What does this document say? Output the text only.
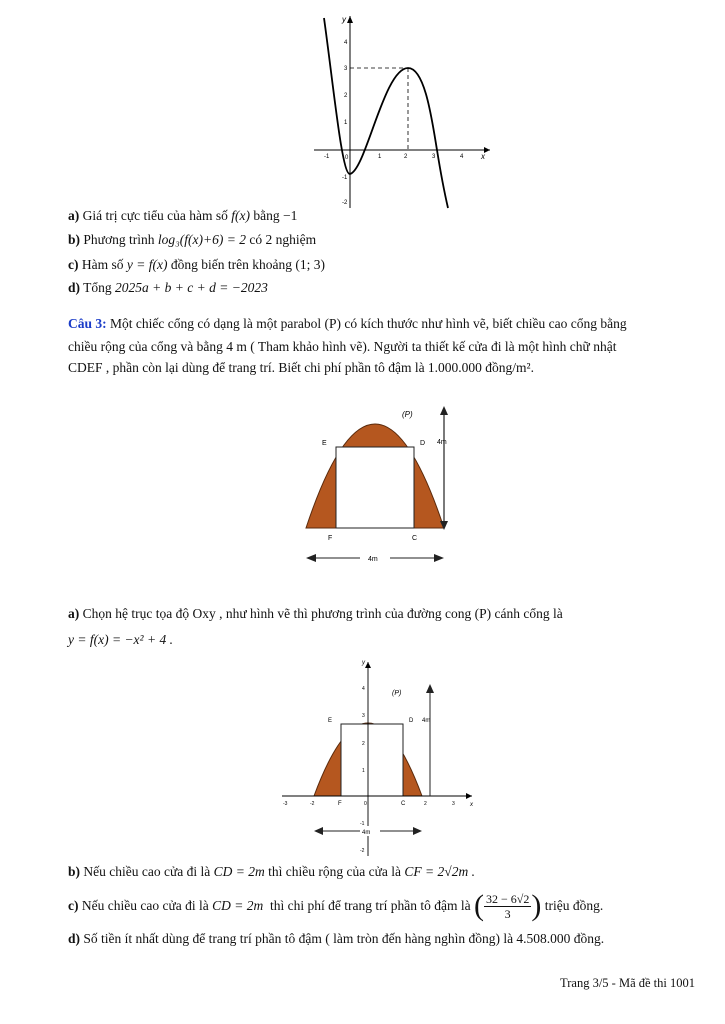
y
x
0
-1	1	2	3	4
4
3
2
1
-1
-2
a) Giá trị cực tiểu của hàm số f(x) bằng −1
b) Phương trình log₃(f(x)+6) = 2 có 2 nghiệm
c) Hàm số y = f(x) đồng biến trên khoảng (1; 3)
d) Tổng 2025a + b + c + d = −2023
Câu 3: Một chiếc cổng có dạng là một parabol (P) có kích thước như hình vẽ, biết chiều cao cổng bằng
chiều rộng của cổng và bằng 4 m ( Tham khảo hình vẽ). Người ta thiết kế cửa đi là một hình chữ nhật
CDEF , phần còn lại dùng để trang trí. Biết chi phí phần tô đậm là 1.000.000 đồng/m².
(P)
E	D
F	C
4m
4m
a) Chọn hệ trục tọa độ Oxy , như hình vẽ thì phương trình của đường cong (P) cánh cổng là
y = f(x) = −x² + 4 .
y
x
(P)
E	D
F	C
4m
4m
-3	-2	0	2	3
4
3
2
1
-1
-2
b) Nếu chiều cao cửa đi là CD = 2m thì chiều rộng của cửa là CF = 2√2m .
c)
Nếu chiều cao cửa đi là
CD = 2m
thì chi phí để trang trí phần tô đậm là
( 32 − 6√2
3 )
triệu đồng.
d) Số tiền ít nhất dùng để trang trí phần tô đậm ( làm tròn đến hàng nghìn đồng) là 4.508.000 đồng.
Trang 3/5 - Mã đề thi 1001
